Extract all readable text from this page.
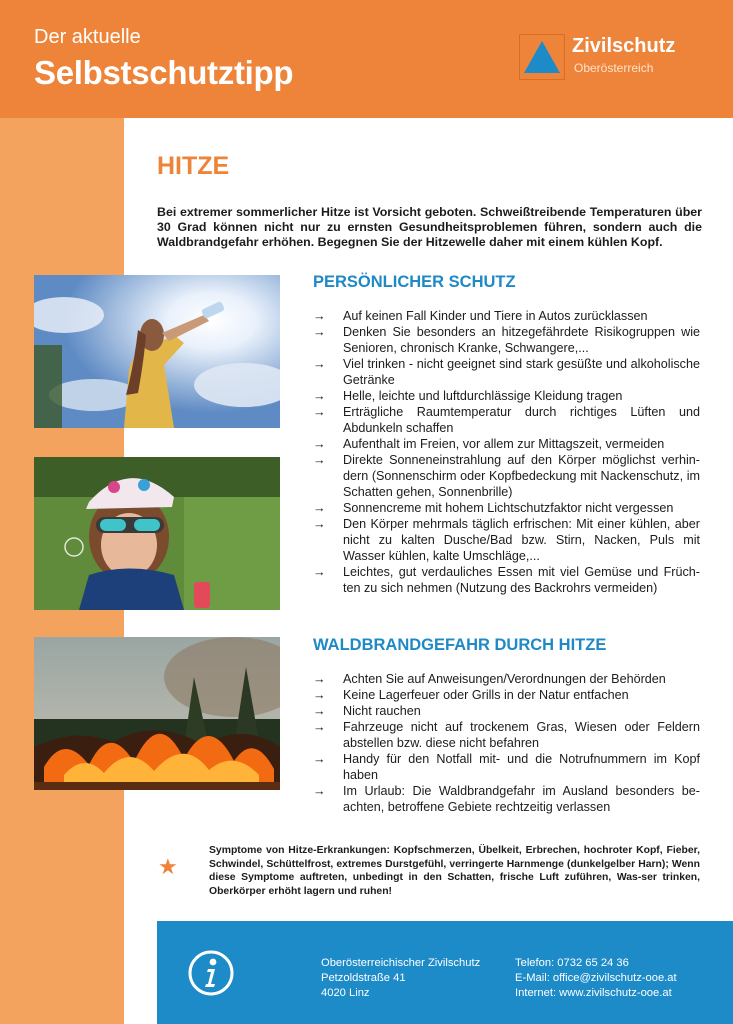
Der aktuelle
Selbstschutztipp
Zivilschutz
Oberösterreich
HITZE
Bei extremer sommerlicher Hitze ist Vorsicht geboten. Schweißtreibende Temperaturen über 30 Grad können nicht nur zu ernsten Gesundheitsproblemen führen, sondern auch die Waldbrandgefahr erhöhen. Begegnen Sie der Hitzewelle daher mit einem kühlen Kopf.
PERSÖNLICHER SCHUTZ
→ Auf keinen Fall Kinder und Tiere in Autos zurücklassen
→ Denken Sie besonders an hitzegefährdete Risikogruppen wie Senioren, chronisch Kranke, Schwangere,...
→ Viel trinken - nicht geeignet sind stark gesüßte und alkoholische Getränke
→ Helle, leichte und luftdurchlässige Kleidung tragen
→ Erträgliche Raumtemperatur durch richtiges Lüften und Abdunkeln schaffen
→ Aufenthalt im Freien, vor allem zur Mittagszeit, vermeiden
→ Direkte Sonneneinstrahlung auf den Körper möglichst verhin-dern (Sonnenschirm oder Kopfbedeckung mit Nackenschutz, im Schatten gehen, Sonnenbrille)
→ Sonnencreme mit hohem Lichtschutzfaktor nicht vergessen
→ Den Körper mehrmals täglich erfrischen: Mit einer kühlen, aber nicht zu kalten Dusche/Bad bzw. Stirn, Nacken, Puls mit Wasser kühlen, kalte Umschläge,...
→ Leichtes, gut verdauliches Essen mit viel Gemüse und Früch-ten zu sich nehmen (Nutzung des Backrohrs vermeiden)
WALDBRANDGEFAHR DURCH HITZE
→ Achten Sie auf Anweisungen/Verordnungen der Behörden
→ Keine Lagerfeuer oder Grills in der Natur entfachen
→ Nicht rauchen
→ Fahrzeuge nicht auf trockenem Gras, Wiesen oder Feldern abstellen bzw. diese nicht befahren
→ Handy für den Notfall mit- und die Notrufnummern im Kopf haben
→ Im Urlaub: Die Waldbrandgefahr im Ausland besonders be-achten, betroffene Gebiete rechtzeitig verlassen
★
Symptome von Hitze-Erkrankungen: Kopfschmerzen, Übelkeit, Erbrechen, hochroter Kopf, Fieber, Schwindel, Schüttelfrost, extremes Durstgefühl, verringerte Harnmenge (dunkelgelber Harn); Wenn diese Symptome auftreten, unbedingt in den Schatten, frische Luft zuführen, Was-ser trinken, Oberkörper erhöht lagern und ruhen!
Oberösterreichischer Zivilschutz
Petzoldstraße 41
4020 Linz
Telefon: 0732 65 24 36
E-Mail: office@zivilschutz-ooe.at
Internet: www.zivilschutz-ooe.at
